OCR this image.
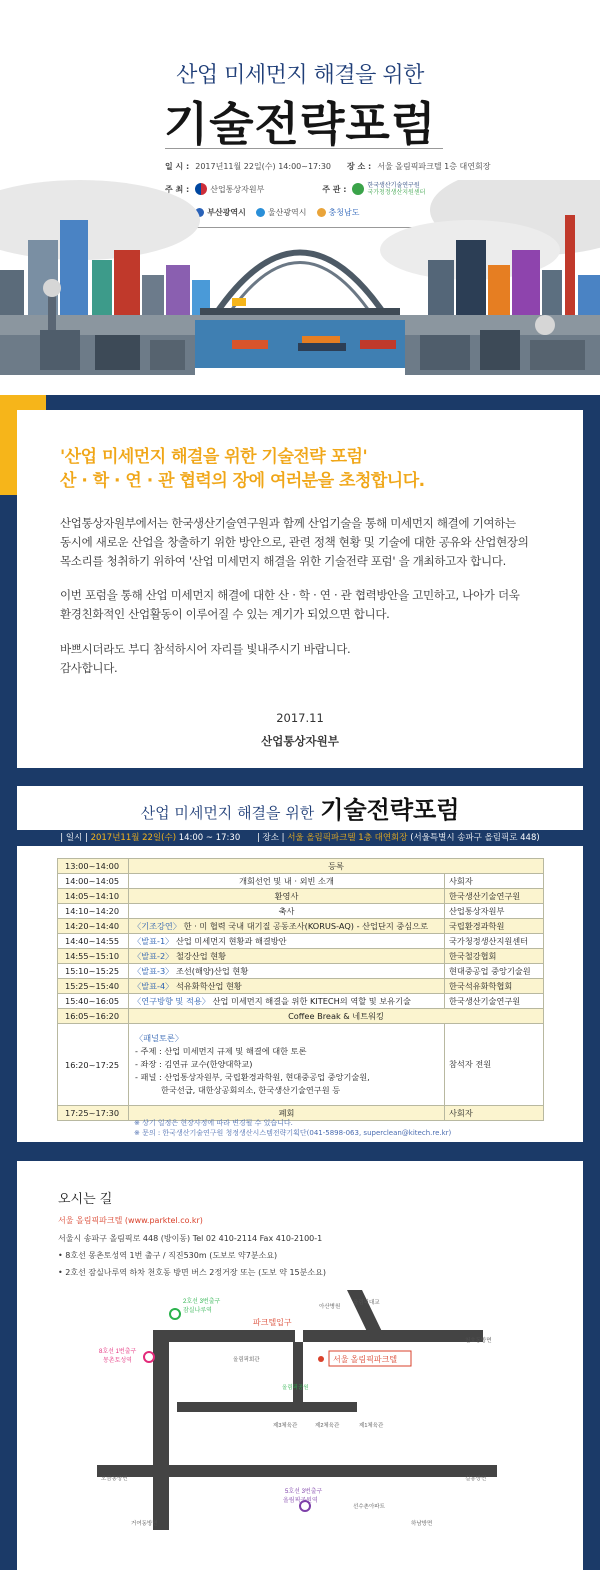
산업 미세먼지 해결을 위한
기술전략포럼
일 시 : 2017년11월 22일(수) 14:00~17:30 장 소 : 서울 올림픽파크텔 1층 대연회장
주 최 :	산업통상자원부	주 관 :	한국생산기술연구원
국가청정생산지원센터
부산광역시	울산광역시	충청남도
'산업 미세먼지 해결을 위한 기술전략 포럼'
산 · 학 · 연 · 관 협력의 장에 여러분을 초청합니다.
산업통상자원부에서는 한국생산기술연구원과 함께 산업기술을 통해 미세먼지 해결에 기여하는
동시에 새로운 산업을 창출하기 위한 방안으로, 관련 정책 현황 및 기술에 대한 공유와 산업현장의
목소리를 청취하기 위하여 '산업 미세먼지 해결을 위한 기술전략 포럼' 을 개최하고자 합니다.
이번 포럼을 통해 산업 미세먼지 해결에 대한 산 · 학 · 연 · 관 협력방안을 고민하고, 나아가 더욱
환경친화적인 산업활동이 이루어질 수 있는 계기가 되었으면 합니다.
바쁘시더라도 부디 참석하시어 자리를 빛내주시기 바랍니다.
감사합니다.
2017.11
산업통상자원부
산업 미세먼지 해결을 위한 기술전략포럼
| 일시 | 2017년11월 22일(수) 14:00 ~ 17:30 | 장소 | 서울 올림픽파크텔 1층 대연회장 (서울특별시 송파구 올림픽로 448)
13:00~14:00	등록	
14:00~14:05	개회선언 및 내 · 외빈 소개	사회자
14:05~14:10	환영사	한국생산기술연구원
14:10~14:20	축사	산업통상자원부
14:20~14:40	〈기조강연〉 한 · 미 협력 국내 대기질 공동조사(KORUS-AQ) - 산업단지 중심으로	국립환경과학원
14:40~14:55	〈발표-1〉 산업 미세먼지 현황과 해결방안	국가청정생산지원센터
14:55~15:10	〈발표-2〉 철강산업 현황	한국철강협회
15:10~15:25	〈발표-3〉 조선(해양)산업 현황	현대중공업 중앙기술원
15:25~15:40	〈발표-4〉 석유화학산업 현황	한국석유화학협회
15:40~16:05	〈연구방향 및 적용〉 산업 미세먼지 해결을 위한 KITECH의 역할 및 보유기술	한국생산기술연구원
16:05~16:20	Coffee Break & 네트워킹	
16:20~17:25	〈패널토론〉
- 주제 : 산업 미세먼지 규제 및 해결에 대한 토론
- 좌장 : 김연규 교수(한양대학교)
- 패널 : 산업통상자원부, 국립환경과학원, 현대중공업 중앙기술원,
한국선급, 대한상공회의소, 한국생산기술연구원 등	참석자 전원
17:25~17:30	폐회	사회자
※ 상기 일정은 현장사정에 따라 변경될 수 있습니다.
※ 문의 : 한국생산기술연구원 청정생산시스템전략기획단(041-5898-063, superclean@kitech.re.kr)
오시는 길
서울 올림픽파크텔 (www.parktel.co.kr)
서울시 송파구 올림픽로 448 (방이동) Tel 02 410-2114 Fax 410-2100-1
• 8호선 몽촌토성역 1번 출구 / 직진530m (도보로 약7분소요)
• 2호선 잠실나루역 하차 천호동 방면 버스 2정거장 또는 (도보 약 15분소요)
2호선 3번출구
잠실나루역
8호선 1번출구
몽촌토성역
5호선 3번출구
올림픽공원역
파크텔입구
서울 올림픽파크텔
아산병원
올림픽대교
천호동방면
올림픽회관
올림픽공원
제3체육관	제2체육관	제1체육관
오금동방면	길동방면
거여동방면
선수촌아파트
하남방면
